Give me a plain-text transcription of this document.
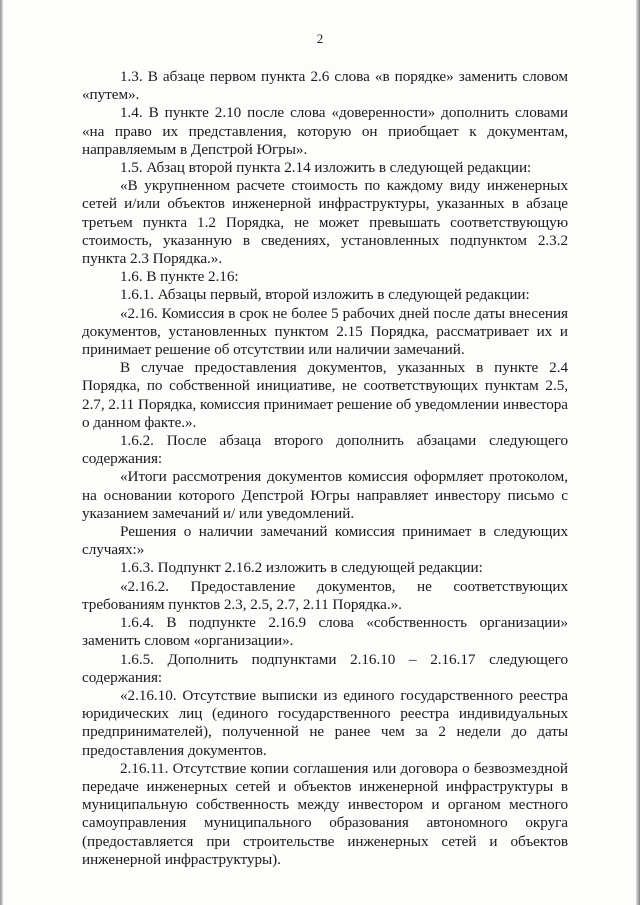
2

1.3. В абзаце первом пункта 2.6 слова «в порядке» заменить словом «путем».

1.4. В пункте 2.10 после слова «доверенности» дополнить словами «на право их представления, которую он приобщает к документам, направляемым в Депстрой Югры».

1.5. Абзац второй пункта 2.14 изложить в следующей редакции:

«В укрупненном расчете стоимость по каждому виду инженерных сетей и/или объектов инженерной инфраструктуры, указанных в абзаце третьем пункта 1.2 Порядка, не может превышать соответствующую стоимость, указанную в сведениях, установленных подпунктом 2.3.2 пункта 2.3 Порядка.».

1.6. В пункте 2.16:

1.6.1. Абзацы первый, второй изложить в следующей редакции:

«2.16. Комиссия в срок не более 5 рабочих дней после даты внесения документов, установленных пунктом 2.15 Порядка, рассматривает их и принимает решение об отсутствии или наличии замечаний.

В случае предоставления документов, указанных в пункте 2.4 Порядка, по собственной инициативе, не соответствующих пунктам 2.5, 2.7, 2.11 Порядка, комиссия принимает решение об уведомлении инвестора о данном факте.».

1.6.2. После абзаца второго дополнить абзацами следующего содержания:

«Итоги рассмотрения документов комиссия оформляет протоколом, на основании которого Депстрой Югры направляет инвестору письмо с указанием замечаний и/ или уведомлений.

Решения о наличии замечаний комиссия принимает в следующих случаях:»

1.6.3. Подпункт 2.16.2 изложить в следующей редакции:

«2.16.2. Предоставление документов, не соответствующих требованиям пунктов 2.3, 2.5, 2.7, 2.11 Порядка.».

1.6.4. В подпункте 2.16.9 слова «собственность организации» заменить словом «организации».

1.6.5. Дополнить подпунктами 2.16.10 – 2.16.17 следующего содержания:

«2.16.10. Отсутствие выписки из единого государственного реестра юридических лиц (единого государственного реестра индивидуальных предпринимателей), полученной не ранее чем за 2 недели до даты предоставления документов.

2.16.11. Отсутствие копии соглашения или договора о безвозмездной передаче инженерных сетей и объектов инженерной инфраструктуры в муниципальную собственность между инвестором и органом местного самоуправления муниципального образования автономного округа (предоставляется при строительстве инженерных сетей и объектов инженерной инфраструктуры).
